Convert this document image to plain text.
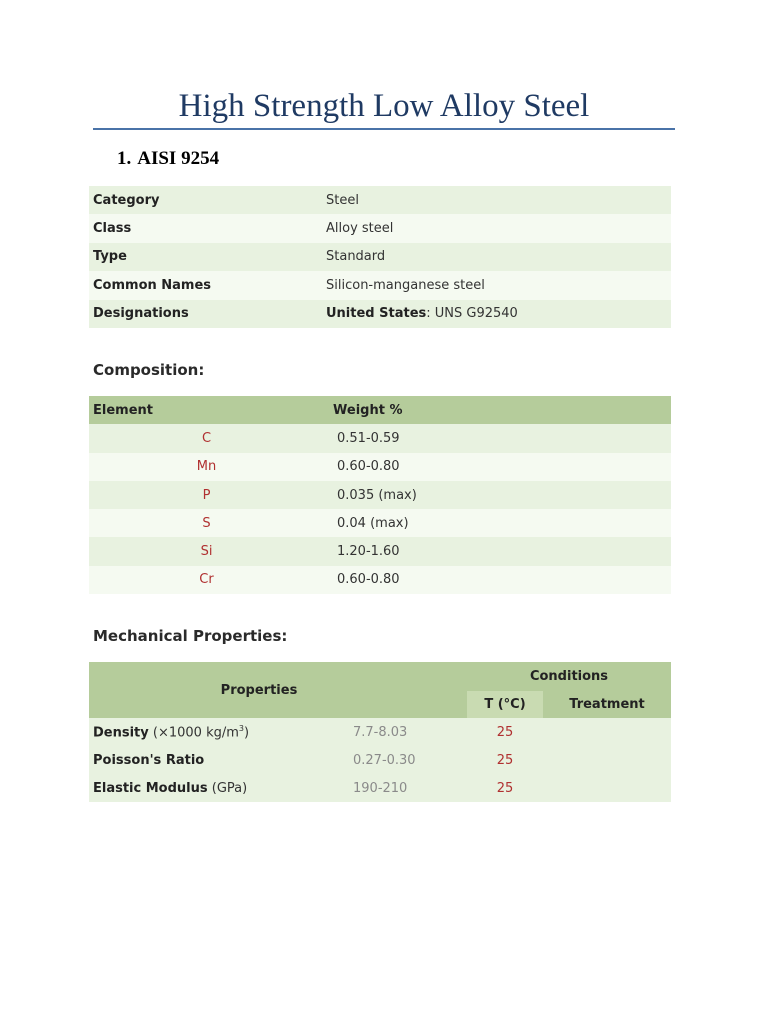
High Strength Low Alloy Steel
1. AISI 9254
Category	Steel
Class	Alloy steel
Type	Standard
Common Names	Silicon-manganese steel
Designations	United States: UNS G92540
Composition:
Element	Weight %
C	0.51-0.59
Mn	0.60-0.80
P	0.035 (max)
S	0.04 (max)
Si	1.20-1.60
Cr	0.60-0.80
Mechanical Properties:
Properties		Conditions	
		T (°C)	Treatment
Density (×1000 $kg/m^3$)	7.7-8.03	25	
Poisson's Ratio	0.27-0.30	25	
Elastic Modulus (GPa)	190-210	25	
